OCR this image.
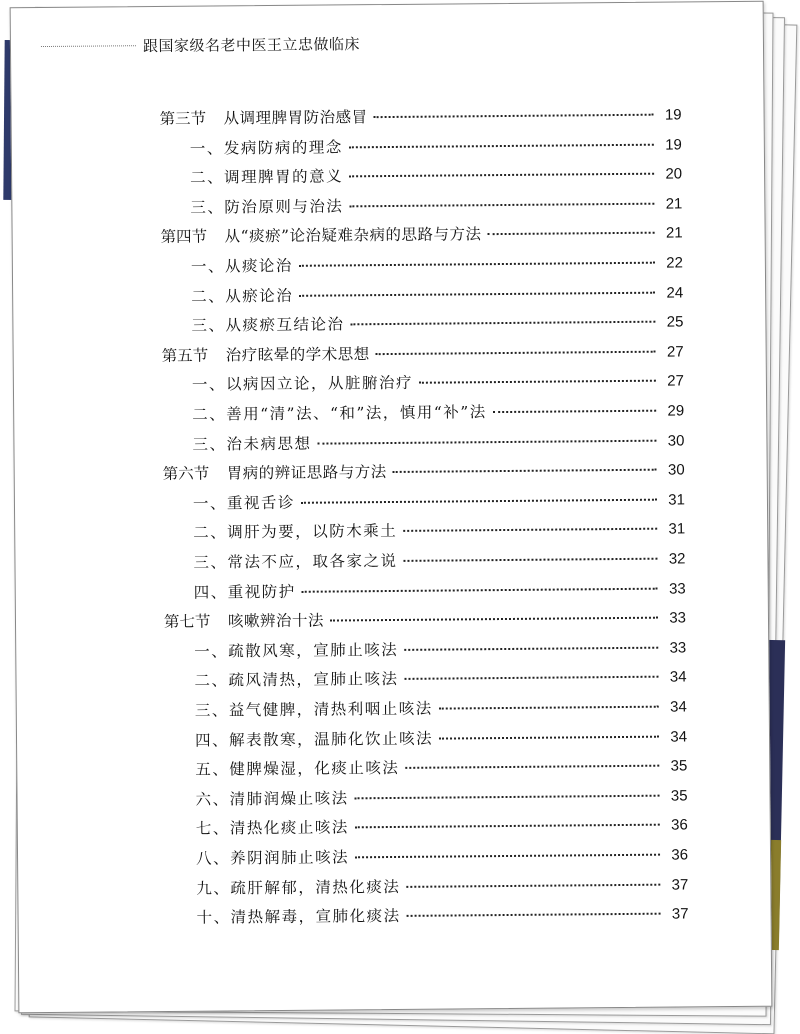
跟国家级名老中医王立忠做临床
第三节	从调理脾胃防治感冒	19
一、发病防病的理念	19
二、调理脾胃的意义	20
三、防治原则与治法	21
第四节	从“痰瘀”论治疑难杂病的思路与方法	21
一、从痰论治	22
二、从瘀论治	24
三、从痰瘀互结论治	25
第五节	治疗眩晕的学术思想	27
一、以病因立论，从脏腑治疗	27
二、善用“清”法、“和”法，慎用“补”法	29
三、治未病思想	30
第六节	胃病的辨证思路与方法	30
一、重视舌诊	31
二、调肝为要，以防木乘土	31
三、常法不应，取各家之说	32
四、重视防护	33
第七节	咳嗽辨治十法	33
一、疏散风寒，宣肺止咳法	33
二、疏风清热，宣肺止咳法	34
三、益气健脾，清热利咽止咳法	34
四、解表散寒，温肺化饮止咳法	34
五、健脾燥湿，化痰止咳法	35
六、清肺润燥止咳法	35
七、清热化痰止咳法	36
八、养阴润肺止咳法	36
九、疏肝解郁，清热化痰法	37
十、清热解毒，宣肺化痰法	37
